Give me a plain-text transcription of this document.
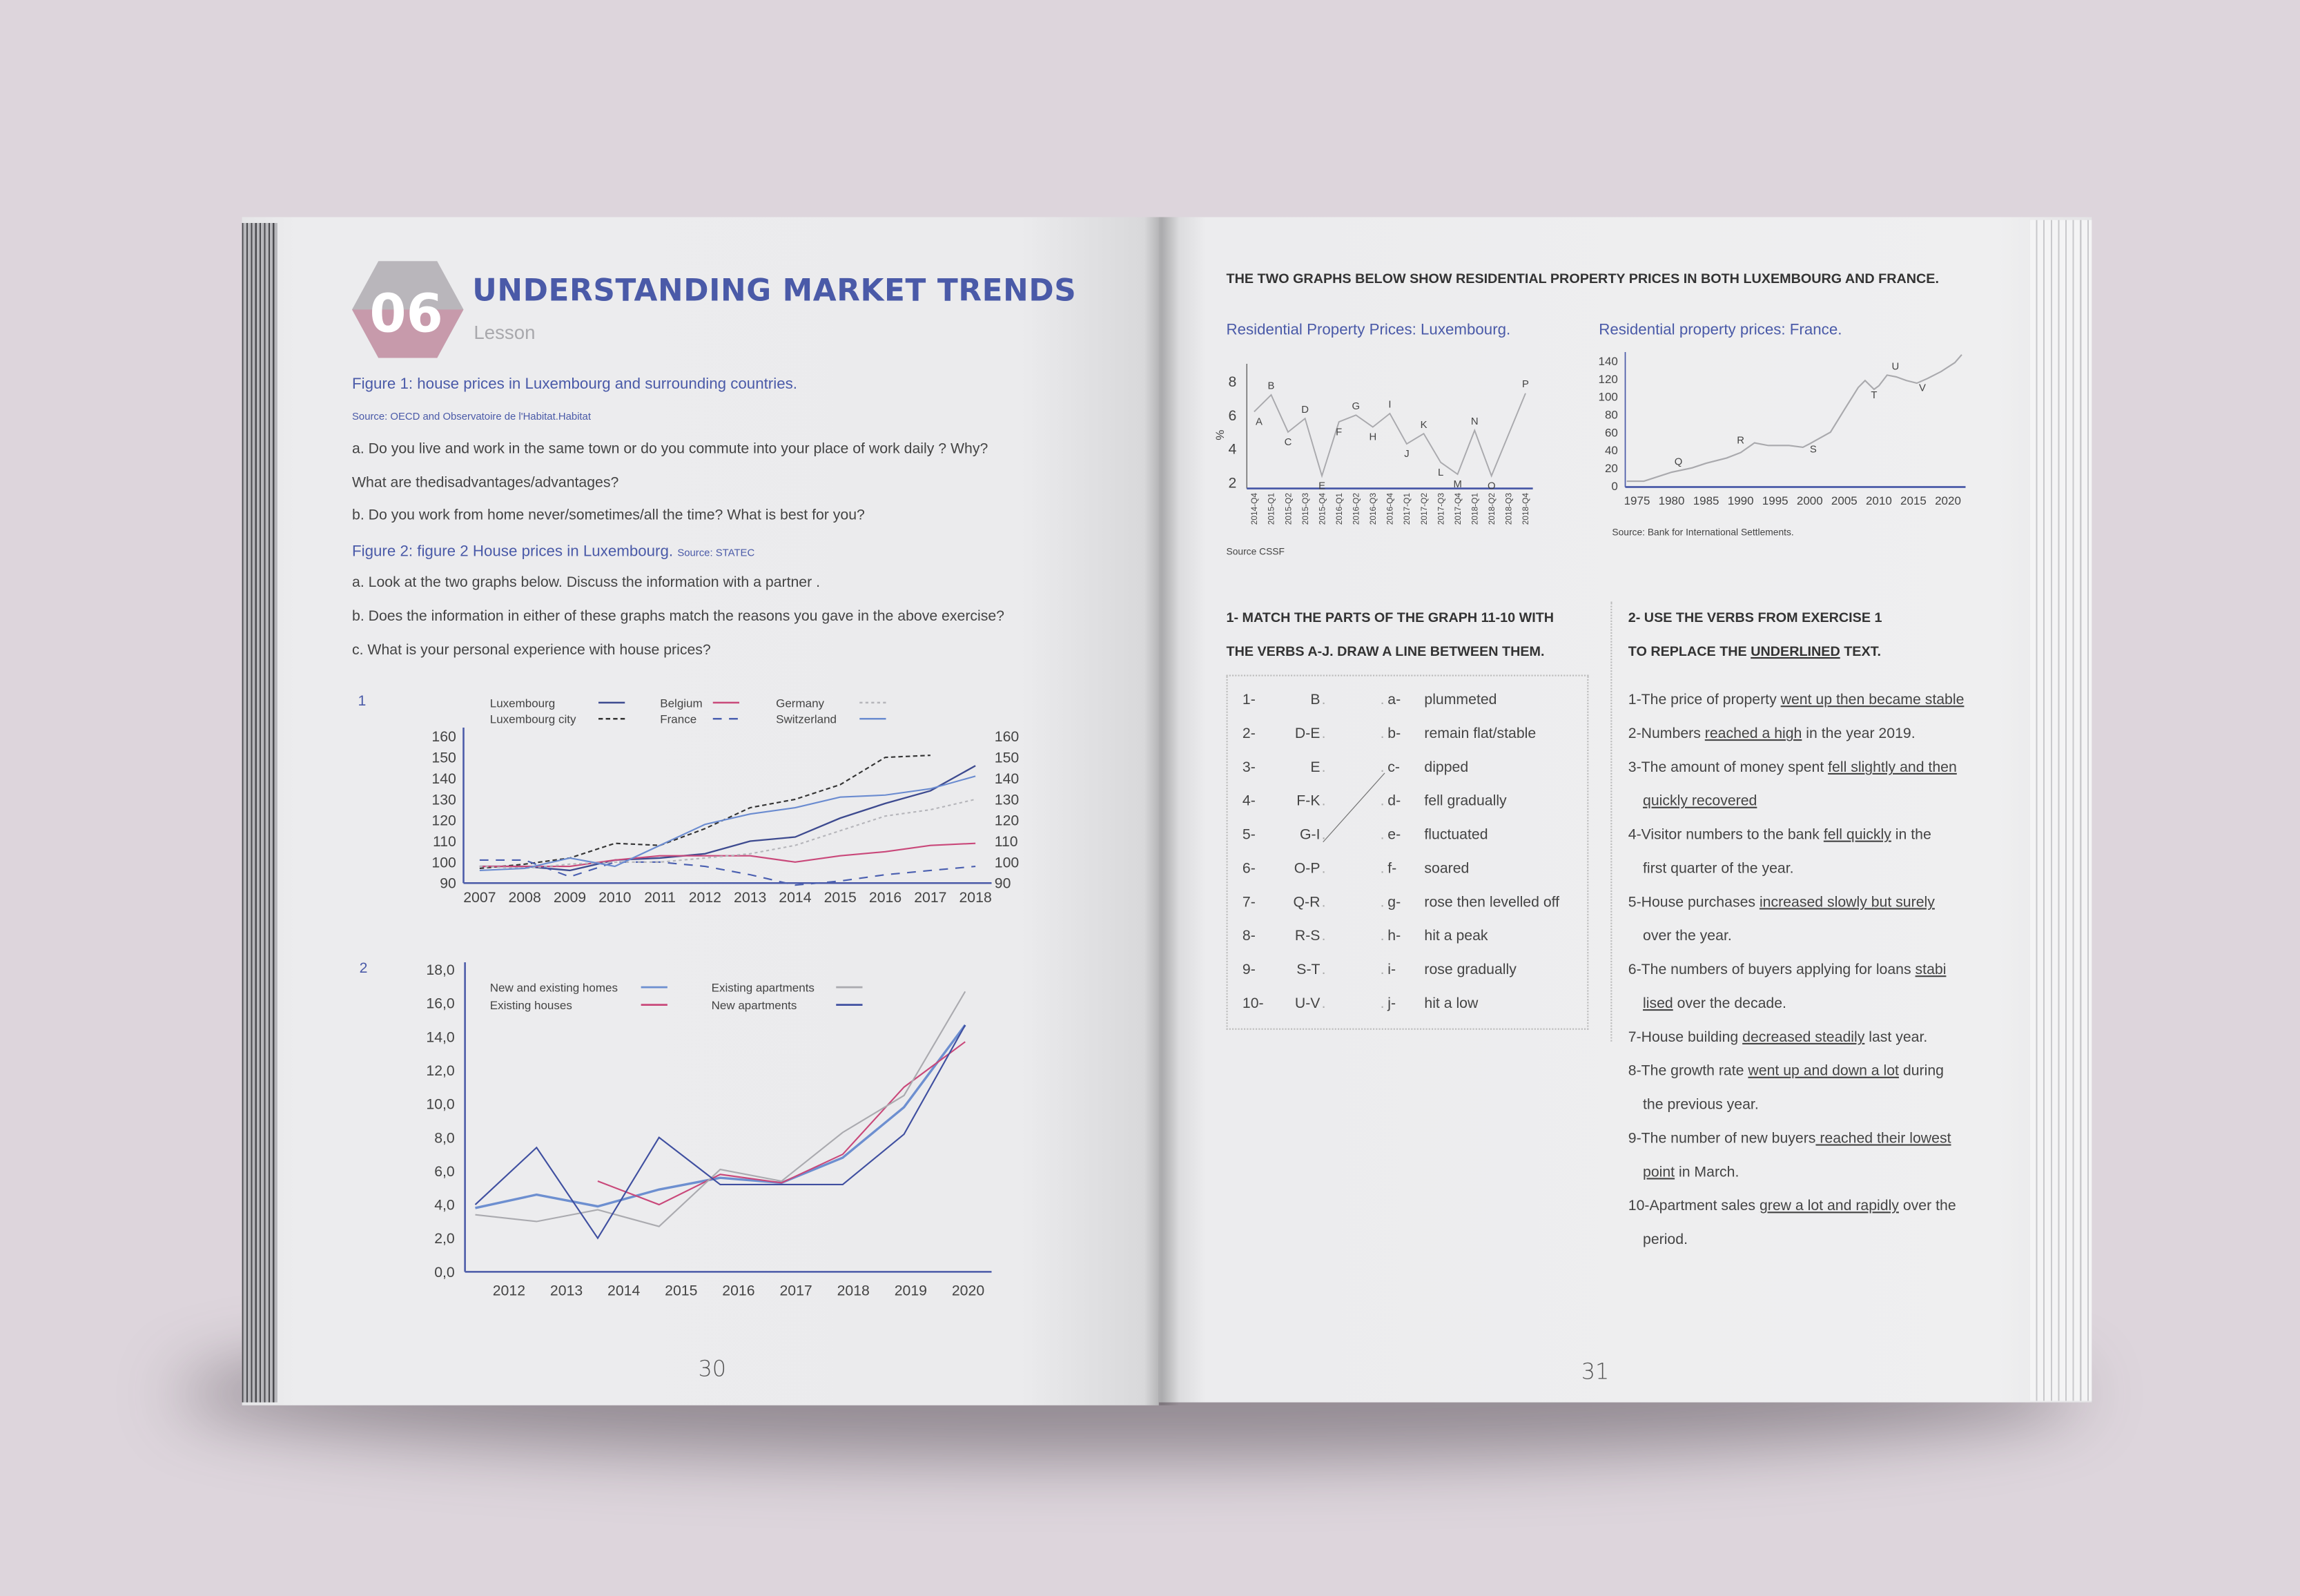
06 UNDERSTANDING MARKET TRENDS
Lesson
Figure 1: house prices in Luxembourg and surrounding countries.
Source: OECD and Observatoire de l'Habitat.Habitat
a. Do you live and work in the same town or do you commute into your place of work daily ? Why?
What are thedisadvantages/advantages?
b. Do you work from home never/sometimes/all the time? What is best for you?
Figure 2: figure 2 House prices in Luxembourg. Source: STATEC
a. Look at the two graphs below. Discuss the information with a partner .
b. Does the information in either of these graphs match the reasons you gave in the above exercise?
c. What is your personal experience with house prices?
1
2
30
THE TWO GRAPHS BELOW SHOW RESIDENTIAL PROPERTY PRICES IN BOTH LUXEMBOURG AND FRANCE.
Residential Property Prices: Luxembourg.	Residential property prices: France.
Source CSSF
Source: Bank for International Settlements.
1- MATCH THE PARTS OF THE GRAPH 11-10 WITH
THE VERBS A-J. DRAW A LINE BETWEEN THEM.
2- USE THE VERBS FROM EXERCISE 1
TO REPLACE THE UNDERLINED TEXT.
31
90	90
100	100
110	110
120	120
130	130
140	140
150	150
160	160
2007 2008 2009 2010 2011 2012 2013 2014 2015 2016 2017 2018
Luxembourg
Luxembourg city
Belgium
France
Germany
Switzerland
0,0
2,0
4,0
6,0
8,0
10,0
12,0
14,0
16,0
18,0
2012	2013	2014	2015	2016	2017	2018	2019	2020
New and existing homes
Existing houses
Existing apartments
New apartments
2
4
6
8
%
2014-Q4 2015-Q1 2015-Q2 2015-Q3 2015-Q4 2016-Q1 2016-Q2 2016-Q3 2016-Q4 2017-Q1 2017-Q2 2017-Q3 2017-Q4 2018-Q1 2018-Q2 2018-Q3 2018-Q4
A
B
C
D
E
F
G
H
I
J
K
L
M
N
O
P
0
20
40
60
80
100
120
140
1975 1980 1985 1990 1995 2000 2005 2010 2015 2020
Q
R
S
T
U
V
1-	B .	. a-	plummeted
2-	D-E .	. b-	remain flat/stable
3-	E .	. c-	dipped
4-	F-K .	. d-	fell gradually
5-	G-I .	. e-	fluctuated
6-	O-P .	. f-	soared
7-	Q-R .	. g-	rose then levelled off
8-	R-S .	. h-	hit a peak
9-	S-T .	. i-	rose gradually
10-	U-V .	. j-	hit a low
1-The price of property went up then became stable
2-Numbers reached a high in the year 2019.
3-The amount of money spent fell slightly and then
quickly recovered
4-Visitor numbers to the bank fell quickly in the
first quarter of the year.
5-House purchases increased slowly but surely
over the year.
6-The numbers of buyers applying for loans stabi
lised over the decade.
7-House building decreased steadily last year.
8-The growth rate went up and down a lot during
the previous year.
9-The number of new buyers reached their lowest
point in March.
10-Apartment sales grew a lot and rapidly over the
period.
